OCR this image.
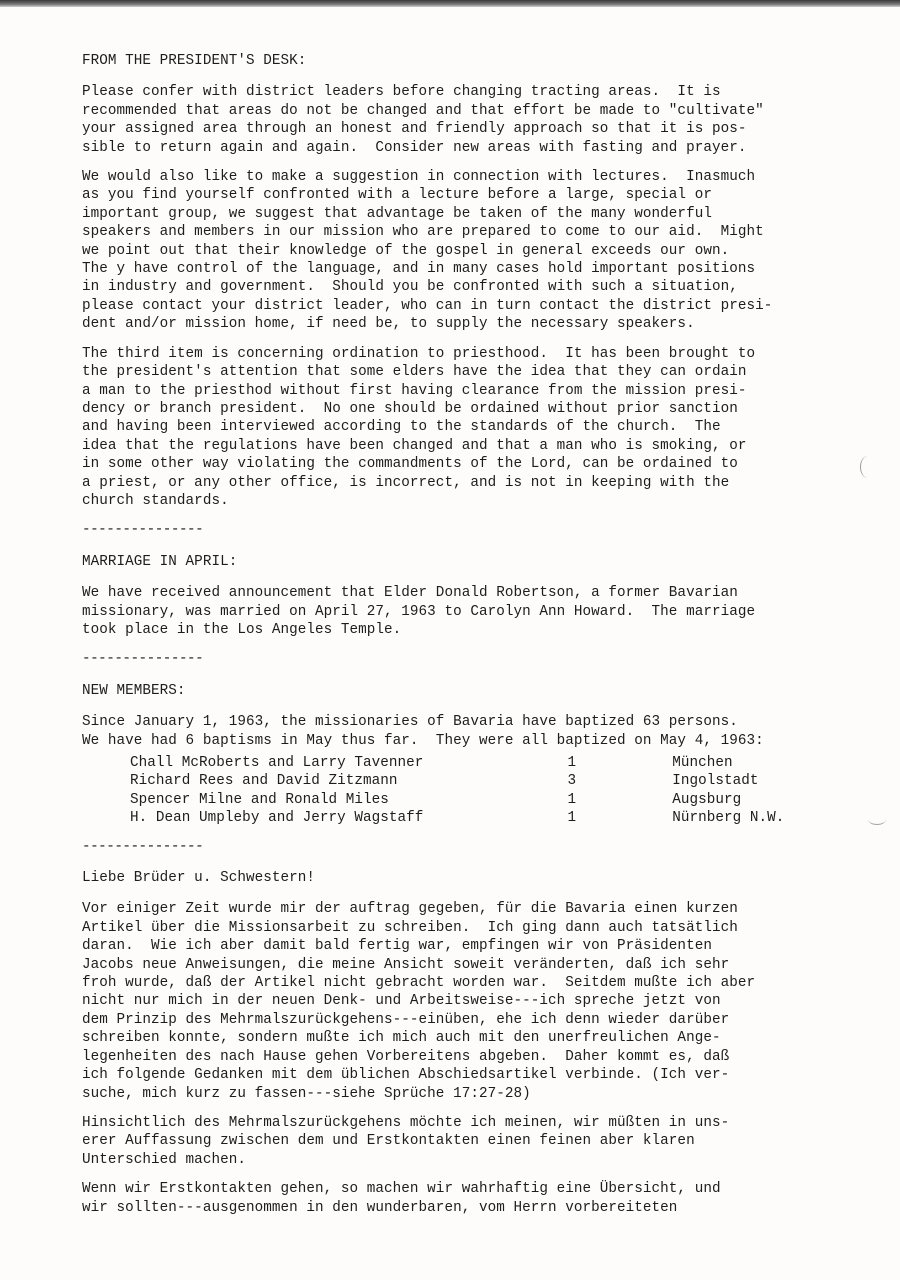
FROM THE PRESIDENT'S DESK:
Please confer with district leaders before changing tracting areas.  It is
recommended that areas do not be changed and that effort be made to "cultivate"
your assigned area through an honest and friendly approach so that it is pos-
sible to return again and again.  Consider new areas with fasting and prayer.
We would also like to make a suggestion in connection with lectures.  Inasmuch
as you find yourself confronted with a lecture before a large, special or
important group, we suggest that advantage be taken of the many wonderful
speakers and members in our mission who are prepared to come to our aid.  Might
we point out that their knowledge of the gospel in general exceeds our own.
The y have control of the language, and in many cases hold important positions
in industry and government.  Should you be confronted with such a situation,
please contact your district leader, who can in turn contact the district presi-
dent and/or mission home, if need be, to supply the necessary speakers.
The third item is concerning ordination to priesthood.  It has been brought to
the president's attention that some elders have the idea that they can ordain
a man to the priesthod without first having clearance from the mission presi-
dency or branch president.  No one should be ordained without prior sanction
and having been interviewed according to the standards of the church.  The
idea that the regulations have been changed and that a man who is smoking, or
in some other way violating the commandments of the Lord, can be ordained to
a priest, or any other office, is incorrect, and is not in keeping with the
church standards.
---------------
MARRIAGE IN APRIL:
We have received announcement that Elder Donald Robertson, a former Bavarian
missionary, was married on April 27, 1963 to Carolyn Ann Howard.  The marriage
took place in the Los Angeles Temple.
---------------
NEW MEMBERS:
Since January 1, 1963, the missionaries of Bavaria have baptized 63 persons.
We have had 6 baptisms in May thus far.  They were all baptized on May 4, 1963:
Chall McRoberts and Larry Tavenner	1	München
Richard Rees and David Zitzmann	3	Ingolstadt
Spencer Milne and Ronald Miles	1	Augsburg
H. Dean Umpleby and Jerry Wagstaff	1	Nürnberg N.W.
---------------
Liebe Brüder u. Schwestern!
Vor einiger Zeit wurde mir der auftrag gegeben, für die Bavaria einen kurzen
Artikel über die Missionsarbeit zu schreiben.  Ich ging dann auch tatsätlich
daran.  Wie ich aber damit bald fertig war, empfingen wir von Präsidenten
Jacobs neue Anweisungen, die meine Ansicht soweit veränderten, daß ich sehr
froh wurde, daß der Artikel nicht gebracht worden war.  Seitdem mußte ich aber
nicht nur mich in der neuen Denk- und Arbeitsweise---ich spreche jetzt von
dem Prinzip des Mehrmalszurückgehens---einüben, ehe ich denn wieder darüber
schreiben konnte, sondern mußte ich mich auch mit den unerfreulichen Ange-
legenheiten des nach Hause gehen Vorbereitens abgeben.  Daher kommt es, daß
ich folgende Gedanken mit dem üblichen Abschiedsartikel verbinde. (Ich ver-
suche, mich kurz zu fassen---siehe Sprüche 17:27-28)
Hinsichtlich des Mehrmalszurückgehens möchte ich meinen, wir müßten in uns-
erer Auffassung zwischen dem und Erstkontakten einen feinen aber klaren
Unterschied machen.
Wenn wir Erstkontakten gehen, so machen wir wahrhaftig eine Übersicht, und
wir sollten---ausgenommen in den wunderbaren, vom Herrn vorbereiteten
